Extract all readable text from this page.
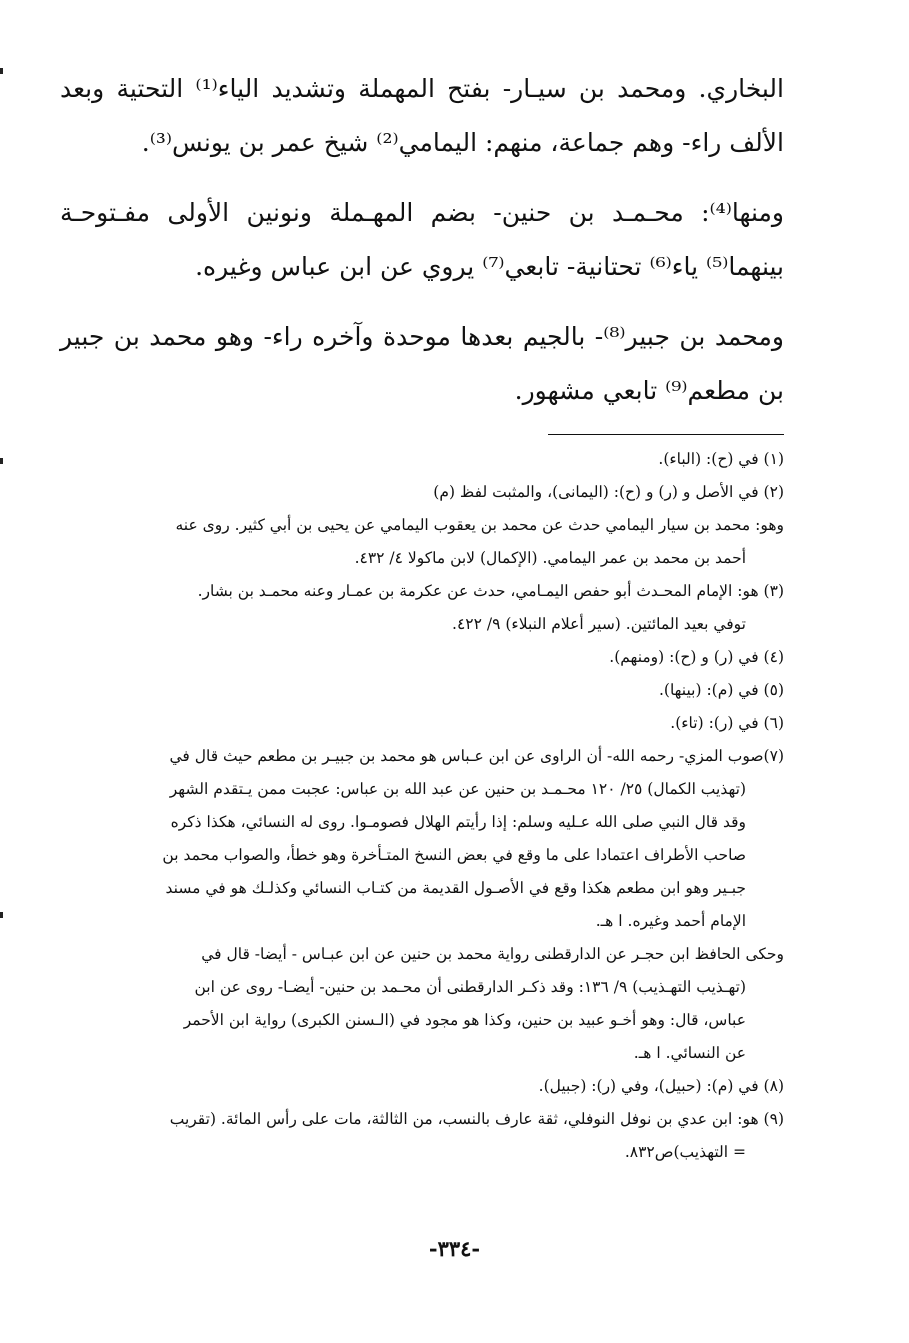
البخاري. ومحمد بن سيـار- بفتح المهملة وتشديد الياء⁽¹⁾ التحتية وبعد الألف راء- وهم جماعة، منهم: اليمامي⁽²⁾ شيخ عمر بن يونس⁽³⁾.

ومنها⁽⁴⁾: محـمـد بن حنين- بضم المهـملة ونونين الأولى مفـتوحـة بينهما⁽⁵⁾ ياء⁽⁶⁾ تحتانية- تابعي⁽⁷⁾ يروي عن ابن عباس وغيره.

ومحمد بن جبير⁽⁸⁾- بالجيم بعدها موحدة وآخره راء- وهو محمد بن جبير بن مطعم⁽⁹⁾ تابعي مشهور.

(١) في (ح): (الباء).
(٢) في الأصل و (ر) و (ح): (اليمانى)، والمثبت لفظ (م)
وهو: محمد بن سيار اليمامي حدث عن محمد بن يعقوب اليمامي عن يحيى بن أبي كثير. روى عنه
أحمد بن محمد بن عمر اليمامي. (الإكمال) لابن ماكولا ٤/ ٤٣٢.
(٣) هو: الإمام المحـدث أبو حفص اليمـامي، حدث عن عكرمة بن عمـار وعنه محمـد بن بشار.
توفي بعيد المائتين. (سير أعلام النبلاء) ٩/ ٤٢٢.
(٤) في (ر) و (ح): (ومنهم).
(٥) في (م): (بينها).
(٦) في (ر): (تاء).
(٧)صوب المزي- رحمه الله- أن الراوى عن ابن عـباس هو محمد بن جبيـر بن مطعم حيث قال في
(تهذيب الكمال) ٢٥/ ١٢٠ محـمـد بن حنين عن عبد الله بن عباس: عجبت ممن يـتقدم الشهر
وقد قال النبي صلى الله عـليه وسلم: إذا رأيتم الهلال فصومـوا. روى له النسائي، هكذا ذكره
صاحب الأطراف اعتمادا على ما وقع في بعض النسخ المتـأخرة وهو خطأ، والصواب محمد بن
جبـير وهو ابن مطعم هكذا وقع في الأصـول القديمة من كتـاب النسائي وكذلـك هو في مسند
الإمام أحمد وغيره. ا هـ.
وحكى الحافظ ابن حجـر عن الدارقطنى رواية محمد بن حنين عن ابن عبـاس - أيضا- قال في
(تهـذيب التهـذيب) ٩/ ١٣٦: وقد ذكـر الدارقطنى أن محـمد بن حنين- أيضـا- روى عن ابن
عباس، قال: وهو أخـو عبيد بن حنين، وكذا هو مجود في (الـسنن الكبرى) رواية ابن الأحمر
عن النسائي. ا هـ.
(٨) في (م): (حبيل)، وفي (ر): (جبيل).
(٩) هو: ابن عدي بن نوفل النوفلي، ثقة عارف بالنسب، من الثالثة، مات على رأس المائة. (تقريب
= التهذيب)ص٨٣٢.
-٣٣٤-
